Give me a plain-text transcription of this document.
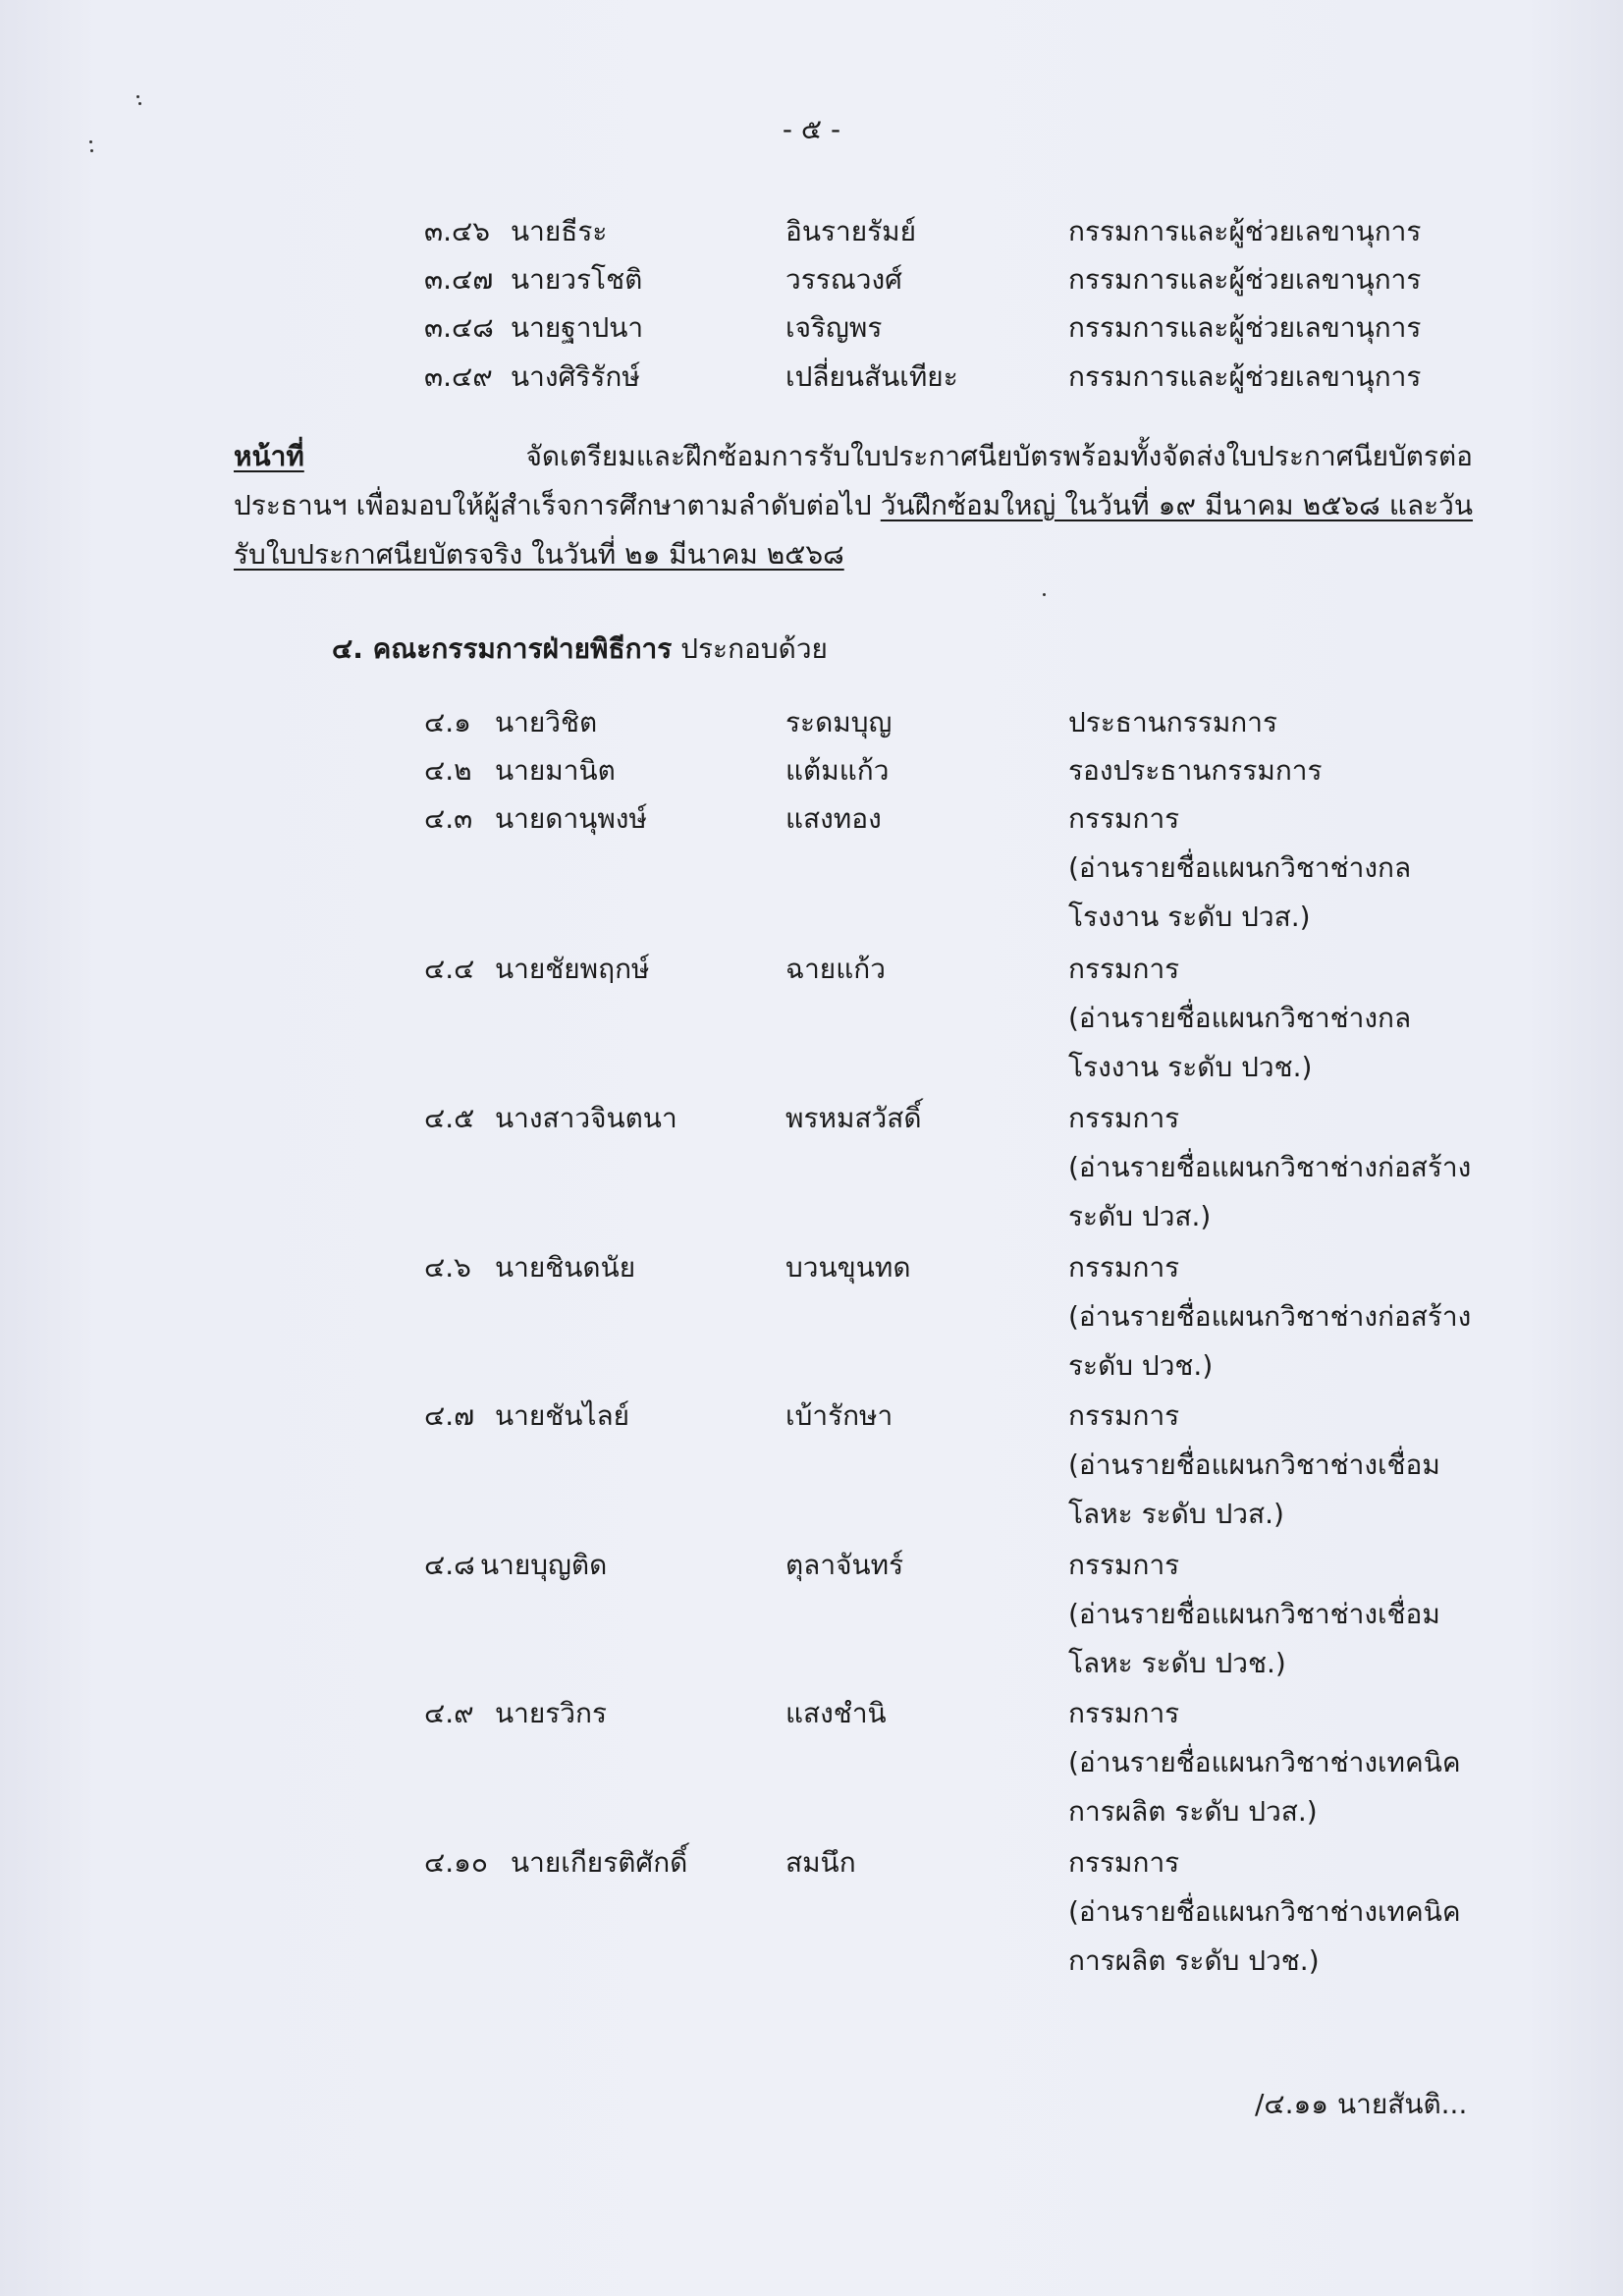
- ๕ -
๓.๔๖ นายธีระ	อินรายรัมย์	กรรมการและผู้ช่วยเลขานุการ
๓.๔๗ นายวรโชติ	วรรณวงศ์	กรรมการและผู้ช่วยเลขานุการ
๓.๔๘ นายฐาปนา	เจริญพร	กรรมการและผู้ช่วยเลขานุการ
๓.๔๙ นางศิริรักษ์	เปลี่ยนสันเทียะ	กรรมการและผู้ช่วยเลขานุการ
หน้าที่	จัดเตรียมและฝึกซ้อมการรับใบประกาศนียบัตรพร้อมทั้งจัดส่งใบประกาศนียบัตรต่อ
ประธานฯ เพื่อมอบให้ผู้สำเร็จการศึกษาตามลำดับต่อไป วันฝึกซ้อมใหญ่ ในวันที่ ๑๙ มีนาคม ๒๕๖๘ และวัน
รับใบประกาศนียบัตรจริง ในวันที่ ๒๑ มีนาคม ๒๕๖๘
๔. คณะกรรมการฝ่ายพิธีการ ประกอบด้วย
๔.๑ นายวิชิต	ระดมบุญ	ประธานกรรมการ
๔.๒ นายมานิต	แต้มแก้ว	รองประธานกรรมการ
๔.๓ นายดานุพงษ์	แสงทอง	กรรมการ
(อ่านรายชื่อแผนกวิชาช่างกล
โรงงาน ระดับ ปวส.)
๔.๔ นายชัยพฤกษ์	ฉายแก้ว	กรรมการ
(อ่านรายชื่อแผนกวิชาช่างกล
โรงงาน ระดับ ปวช.)
๔.๕ นางสาวจินตนา	พรหมสวัสดิ์	กรรมการ
(อ่านรายชื่อแผนกวิชาช่างก่อสร้าง
ระดับ ปวส.)
๔.๖ นายชินดนัย	บวนขุนทด	กรรมการ
(อ่านรายชื่อแผนกวิชาช่างก่อสร้าง
ระดับ ปวช.)
๔.๗ นายชันไลย์	เบ้ารักษา	กรรมการ
(อ่านรายชื่อแผนกวิชาช่างเชื่อม
โลหะ ระดับ ปวส.)
๔.๘ นายบุญติด	ตุลาจันทร์	กรรมการ
(อ่านรายชื่อแผนกวิชาช่างเชื่อม
โลหะ ระดับ ปวช.)
๔.๙ นายรวิกร	แสงชำนิ	กรรมการ
(อ่านรายชื่อแผนกวิชาช่างเทคนิค
การผลิต ระดับ ปวส.)
๔.๑๐ นายเกียรติศักดิ์	สมนึก	กรรมการ
(อ่านรายชื่อแผนกวิชาช่างเทคนิค
การผลิต ระดับ ปวช.)
/๔.๑๑ นายสันติ...
